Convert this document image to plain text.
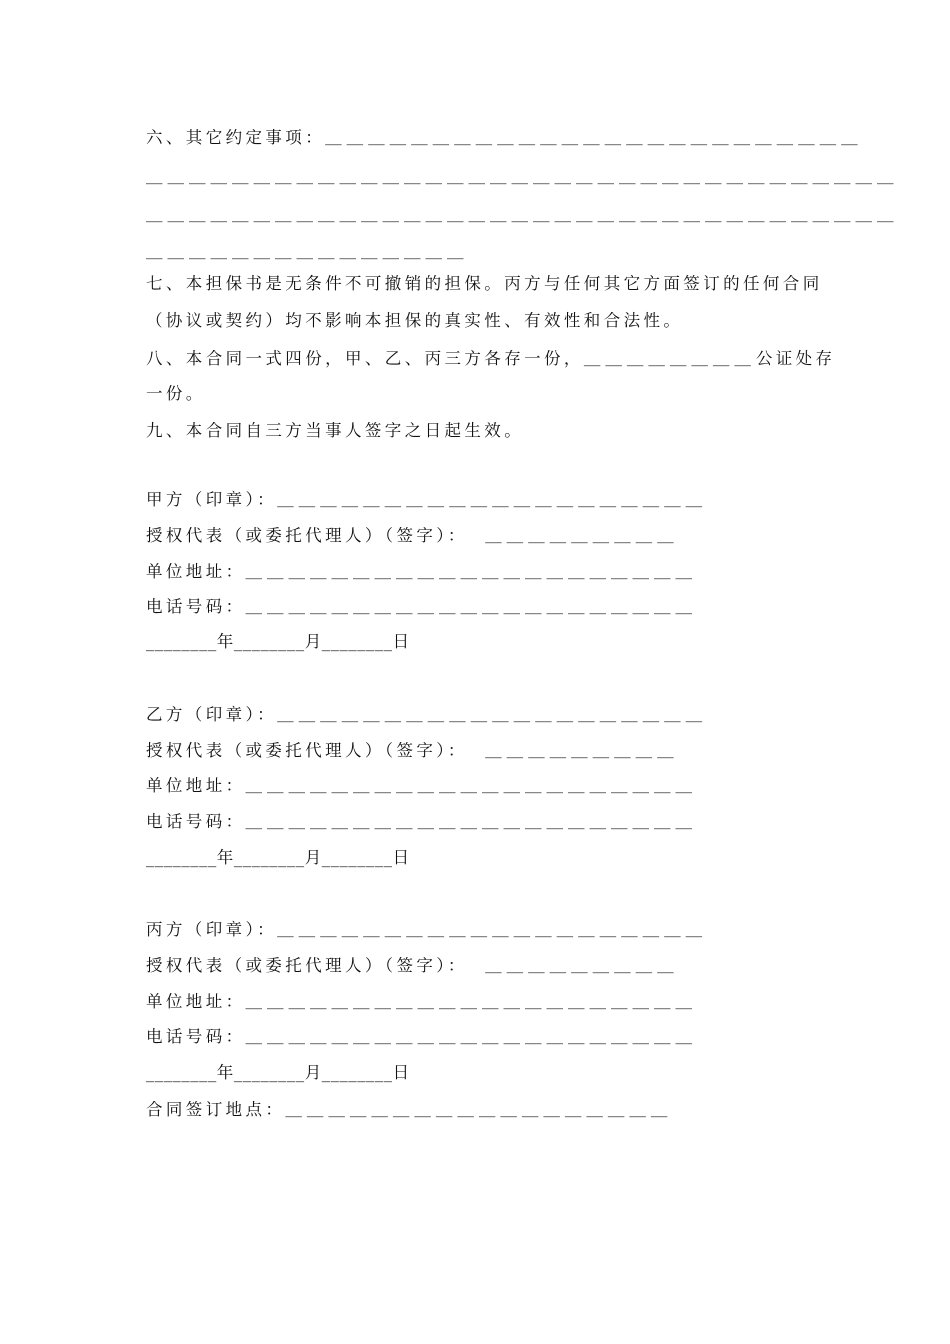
六、其它约定事项：＿＿＿＿＿＿＿＿＿＿＿＿＿＿＿＿＿＿＿＿＿＿＿＿＿
＿＿＿＿＿＿＿＿＿＿＿＿＿＿＿＿＿＿＿＿＿＿＿＿＿＿＿＿＿＿＿＿＿＿＿
＿＿＿＿＿＿＿＿＿＿＿＿＿＿＿＿＿＿＿＿＿＿＿＿＿＿＿＿＿＿＿＿＿＿＿
＿＿＿＿＿＿＿＿＿＿＿＿＿＿＿
七、本担保书是无条件不可撤销的担保。丙方与任何其它方面签订的任何合同
（协议或契约）均不影响本担保的真实性、有效性和合法性。
八、本合同一式四份，甲、乙、丙三方各存一份，＿＿＿＿＿＿＿＿公证处存
一份。
九、本合同自三方当事人签字之日起生效。
甲方（印章）：＿＿＿＿＿＿＿＿＿＿＿＿＿＿＿＿＿＿＿＿
授权代表（或委托代理人）（签字）： ＿＿＿＿＿＿＿＿＿
单位地址：＿＿＿＿＿＿＿＿＿＿＿＿＿＿＿＿＿＿＿＿＿
电话号码：＿＿＿＿＿＿＿＿＿＿＿＿＿＿＿＿＿＿＿＿＿
________年________月________日
乙方（印章）：＿＿＿＿＿＿＿＿＿＿＿＿＿＿＿＿＿＿＿＿
授权代表（或委托代理人）（签字）： ＿＿＿＿＿＿＿＿＿
单位地址：＿＿＿＿＿＿＿＿＿＿＿＿＿＿＿＿＿＿＿＿＿
电话号码：＿＿＿＿＿＿＿＿＿＿＿＿＿＿＿＿＿＿＿＿＿
________年________月________日
丙方（印章）：＿＿＿＿＿＿＿＿＿＿＿＿＿＿＿＿＿＿＿＿
授权代表（或委托代理人）（签字）： ＿＿＿＿＿＿＿＿＿
单位地址：＿＿＿＿＿＿＿＿＿＿＿＿＿＿＿＿＿＿＿＿＿
电话号码：＿＿＿＿＿＿＿＿＿＿＿＿＿＿＿＿＿＿＿＿＿
________年________月________日
合同签订地点：＿＿＿＿＿＿＿＿＿＿＿＿＿＿＿＿＿＿
